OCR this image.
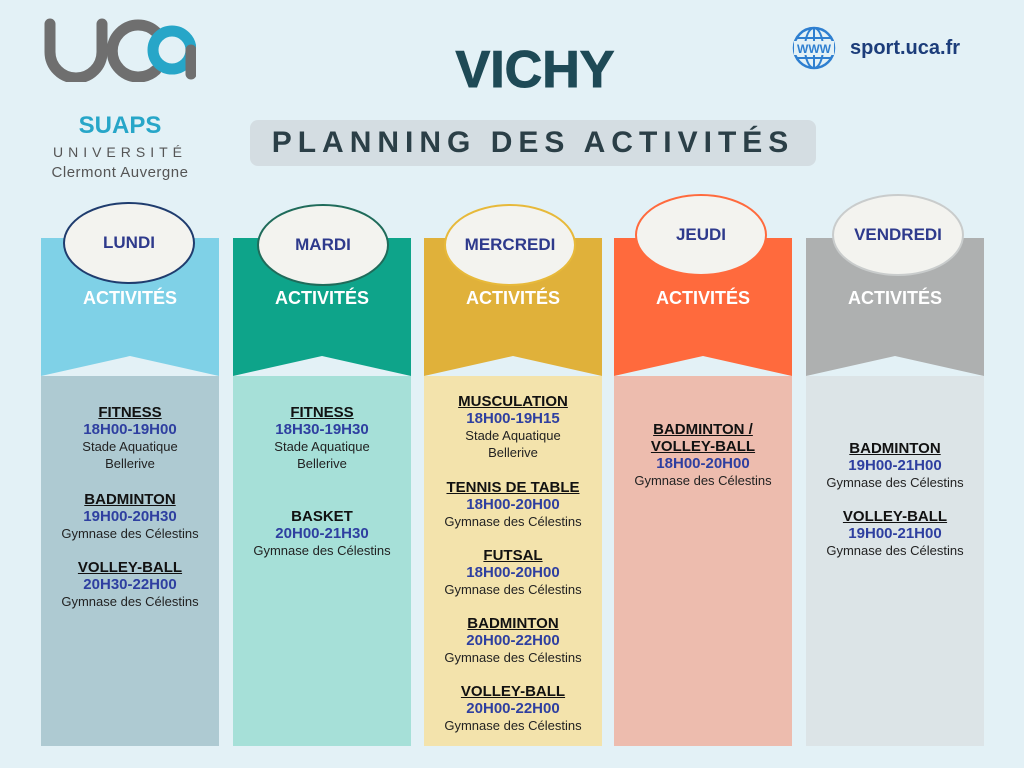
SUAPS
UNIVERSITÉ
Clermont Auvergne
VICHY
PLANNING DES ACTIVITÉS
WWW sport.uca.fr
ACTIVITÉS
FITNESS
18H00-19H00
Stade Aquatique Bellerive
BADMINTON
19H00-20H30
Gymnase des Célestins
VOLLEY-BALL
20H30-22H00
Gymnase des Célestins
LUNDI
ACTIVITÉS
FITNESS
18H30-19H30
Stade Aquatique Bellerive
BASKET
20H00-21H30
Gymnase des Célestins
MARDI
ACTIVITÉS
MUSCULATION
18H00-19H15
Stade Aquatique Bellerive
TENNIS DE TABLE
18H00-20H00
Gymnase des Célestins
FUTSAL
18H00-20H00
Gymnase des Célestins
BADMINTON
20H00-22H00
Gymnase des Célestins
VOLLEY-BALL
20H00-22H00
Gymnase des Célestins
MERCREDI
ACTIVITÉS
BADMINTON / VOLLEY-BALL
18H00-20H00
Gymnase des Célestins
JEUDI
ACTIVITÉS
BADMINTON
19H00-21H00
Gymnase des Célestins
VOLLEY-BALL
19H00-21H00
Gymnase des Célestins
VENDREDI
